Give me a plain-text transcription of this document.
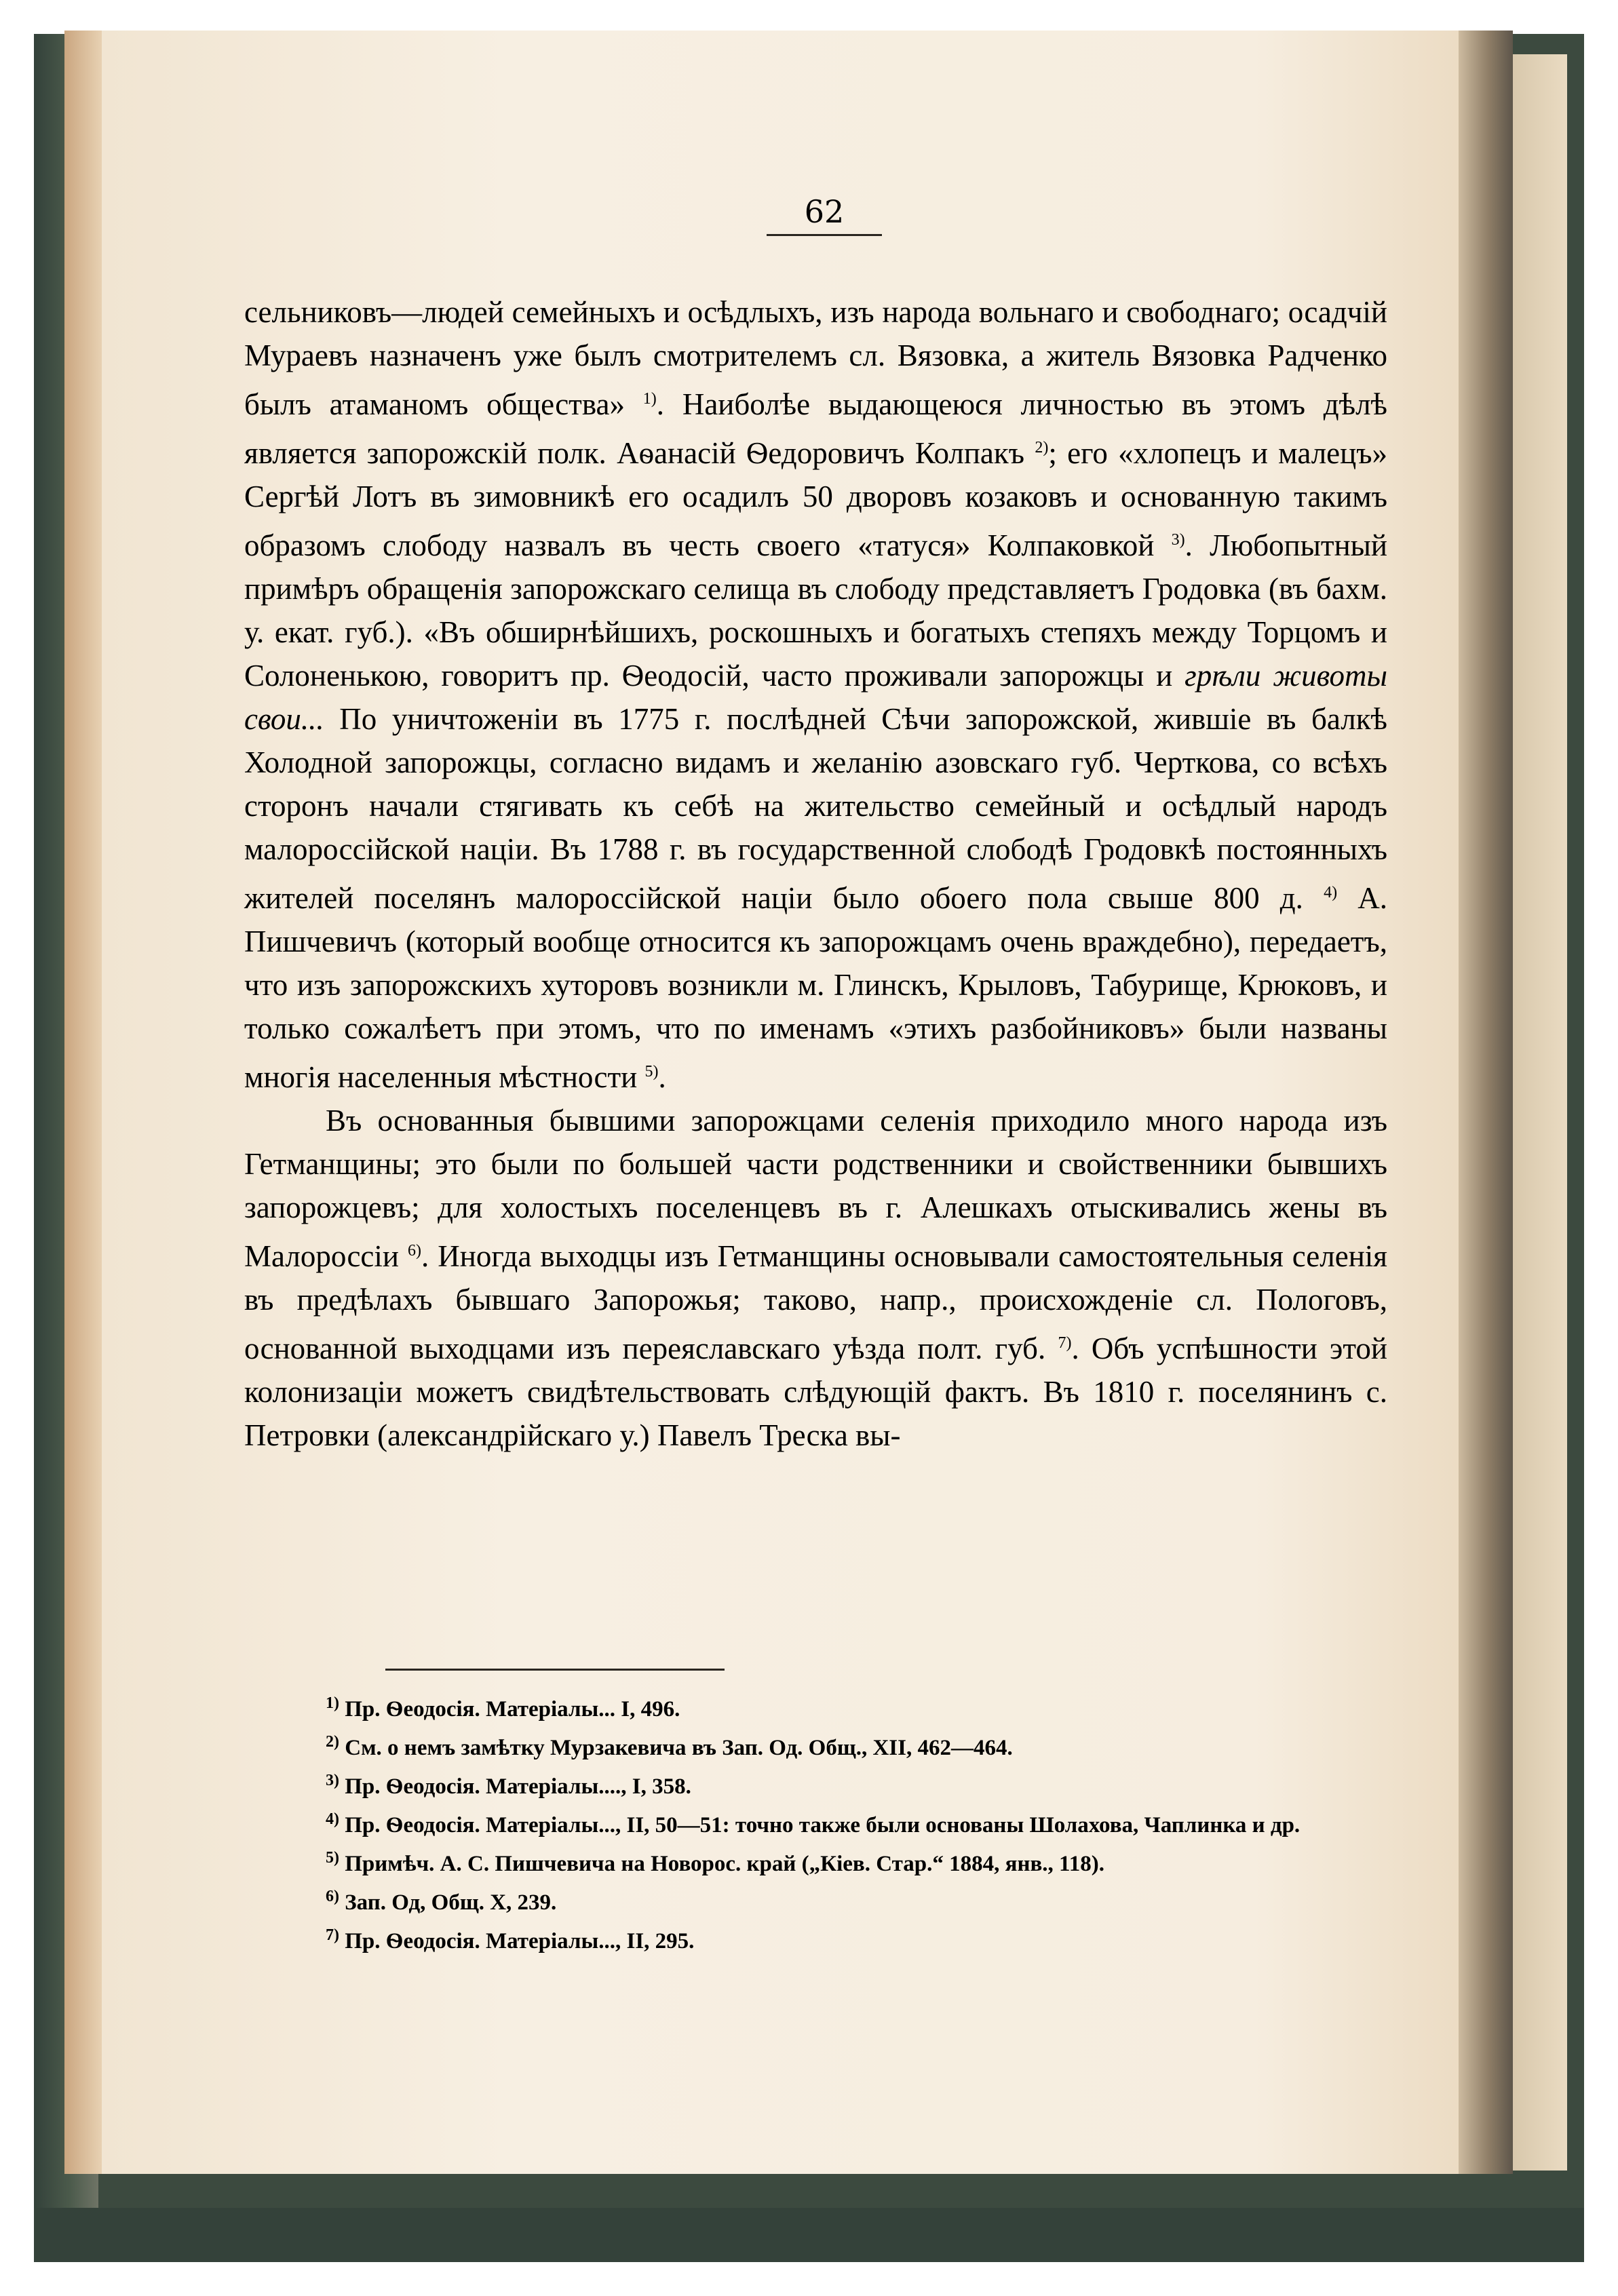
62

сельниковъ—людей семейныхъ и осѣдлыхъ, изъ народа вольнаго и свободнаго; осадчій Мураевъ назначенъ уже былъ смотрителемъ сл. Вязовка, а житель Вязовка Радченко былъ атаманомъ общества» $^{1)}$. Наиболѣе выдающеюся личностью въ этомъ дѣлѣ является запорожскій полк. Аѳанасій Ѳедоровичъ Колпакъ $^{2)}$; его «хлопецъ и малецъ» Сергѣй Лотъ въ зимовникѣ его осадилъ 50 дворовъ козаковъ и основанную такимъ образомъ слободу назвалъ въ честь своего «татуся» Колпаковкой $^{3)}$. Любопытный примѣръ обращенія запорожскаго селища въ слободу представляетъ Гродовка (въ бахм. у. екат. губ.). «Въ обширнѣйшихъ, роскошныхъ и богатыхъ степяхъ между Торцомъ и Солоненькою, говоритъ пр. Ѳеодосій, часто проживали запорожцы и грѣли животы свои... По уничтоженіи въ 1775 г. послѣдней Сѣчи запорожской, жившіе въ балкѣ Холодной запорожцы, согласно видамъ и желанію азовскаго губ. Черткова, со всѣхъ сторонъ начали стягивать къ себѣ на жительство семейный и осѣдлый народъ малороссійской націи. Въ 1788 г. въ государственной слободѣ Гродовкѣ постоянныхъ жителей поселянъ малороссійской націи было обоего пола свыше 800 д. $^{4)}$ А. Пишчевичъ (который вообще относится къ запорожцамъ очень враждебно), передаетъ, что изъ запорожскихъ хуторовъ возникли м. Глинскъ, Крыловъ, Табурище, Крюковъ, и только сожалѣетъ при этомъ, что по именамъ «этихъ разбойниковъ» были названы многія населенныя мѣстности $^{5)}$.

Въ основанныя бывшими запорожцами селенія приходило много народа изъ Гетманщины; это были по большей части родственники и свойственники бывшихъ запорожцевъ; для холостыхъ поселенцевъ въ г. Алешкахъ отыскивались жены въ Малороссіи $^{6)}$. Иногда выходцы изъ Гетманщины основывали самостоятельныя селенія въ предѣлахъ бывшаго Запорожья; таково, напр., происхожденіе сл. Пологовъ, основанной выходцами изъ переяславскаго уѣзда полт. губ. $^{7)}$. Объ успѣшности этой колонизаціи можетъ свидѣтельствовать слѣдующій фактъ. Въ 1810 г. поселянинъ с. Петровки (александрійскаго у.) Павелъ Треска вы-

$^{1)}$ Пр. Ѳеодосія. Матеріалы... I, 496.
$^{2)}$ См. о немъ замѣтку Мурзакевича въ Зап. Од. Общ., XII, 462—464.
$^{3)}$ Пр. Ѳеодосія. Матеріалы...., I, 358.
$^{4)}$ Пр. Ѳеодосія. Матеріалы..., II, 50—51: точно также были основаны Шолахова, Чаплинка и др.
$^{5)}$ Примѣч. А. С. Пишчевича на Новорос. край („Кіев. Стар.“ 1884, янв., 118).
$^{6)}$ Зап. Од, Общ. X, 239.
$^{7)}$ Пр. Ѳеодосія. Матеріалы..., II, 295.
